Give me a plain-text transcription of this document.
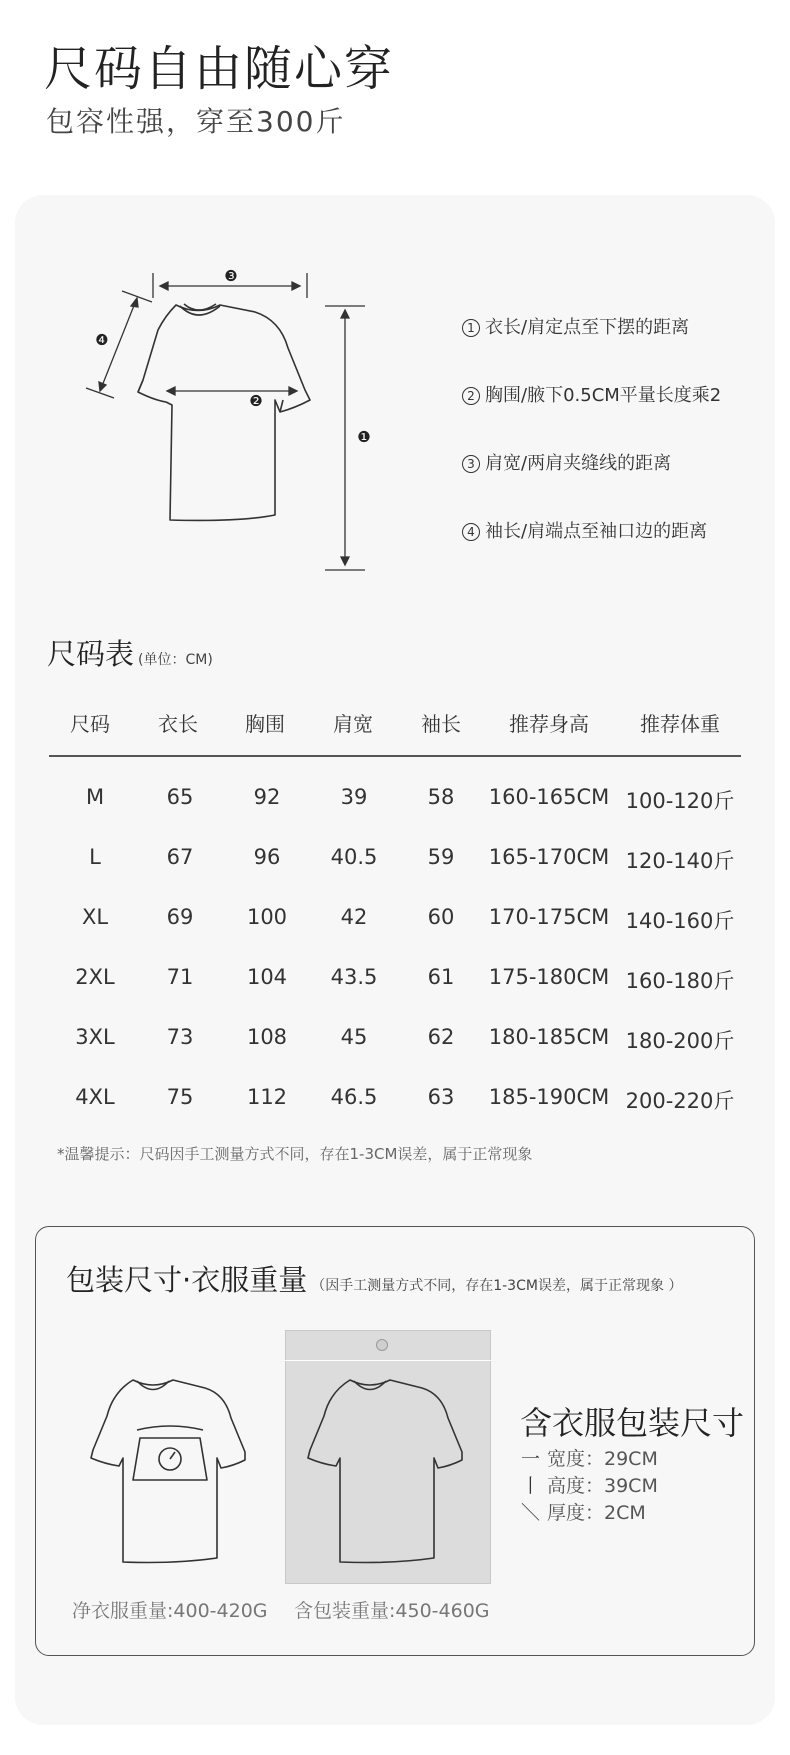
尺码自由随心穿
包容性强，穿至300斤
❸
❷
❶
❹
1 衣长/肩定点至下摆的距离
2 胸围/腋下0.5CM平量长度乘2
3 肩宽/两肩夹缝线的距离
4 袖长/肩端点至袖口边的距离
尺码表 (单位：CM)
尺码	衣长	胸围	肩宽	袖长	推荐身高	推荐体重
M	65	92	39	58	160-165CM 100-120斤
L	67	96	40.5	59	165-170CM 120-140斤
XL	69	100	42	60	170-175CM 140-160斤
2XL	71	104	43.5	61	175-180CM 160-180斤
3XL	73	108	45	62	180-185CM 180-200斤
4XL	75	112	46.5	63	185-190CM 200-220斤
*温馨提示：尺码因手工测量方式不同，存在1-3CM误差，属于正常现象
包装尺寸·衣服重量 （因手工测量方式不同，存在1-3CM误差，属于正常现象 ）
净衣服重量:400-420G 含包装重量:450-460G
含衣服包装尺寸
一 宽度：29CM
丨 高度：39CM
＼ 厚度：2CM
